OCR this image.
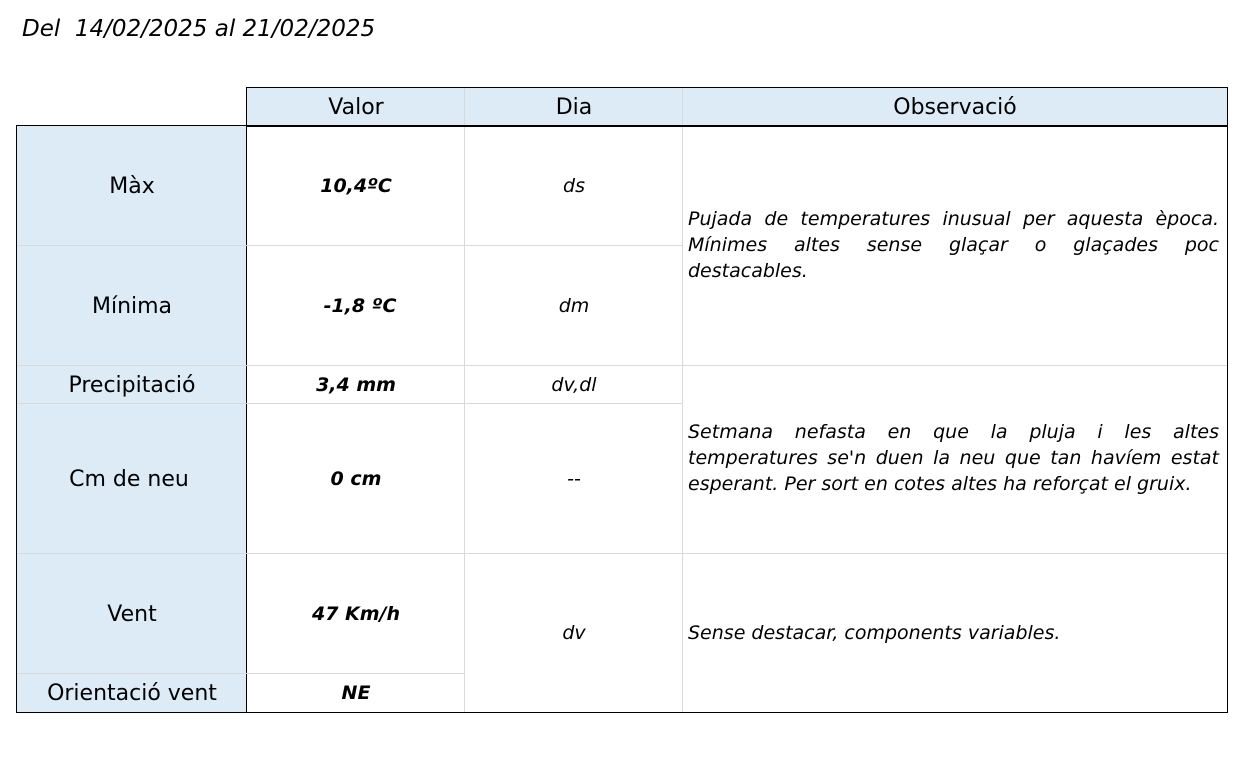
Del  14/02/2025 al 21/02/2025
Valor	Dia	Observació
Màx
Mínima
Precipitació
Cm de neu
Vent
Orientació vent
10,4ºC
-1,8 ºC
3,4 mm
0 cm
47 Km/h
NE
ds
dm
dv,dl
--
dv
Pujada de temperatures inusual per aquesta època. Mínimes altes sense glaçar o glaçades poc destacables.
Setmana nefasta en que la pluja i les altes temperatures se'n duen la neu que tan havíem estat esperant. Per sort en cotes altes ha reforçat el gruix.
Sense destacar, components variables.
